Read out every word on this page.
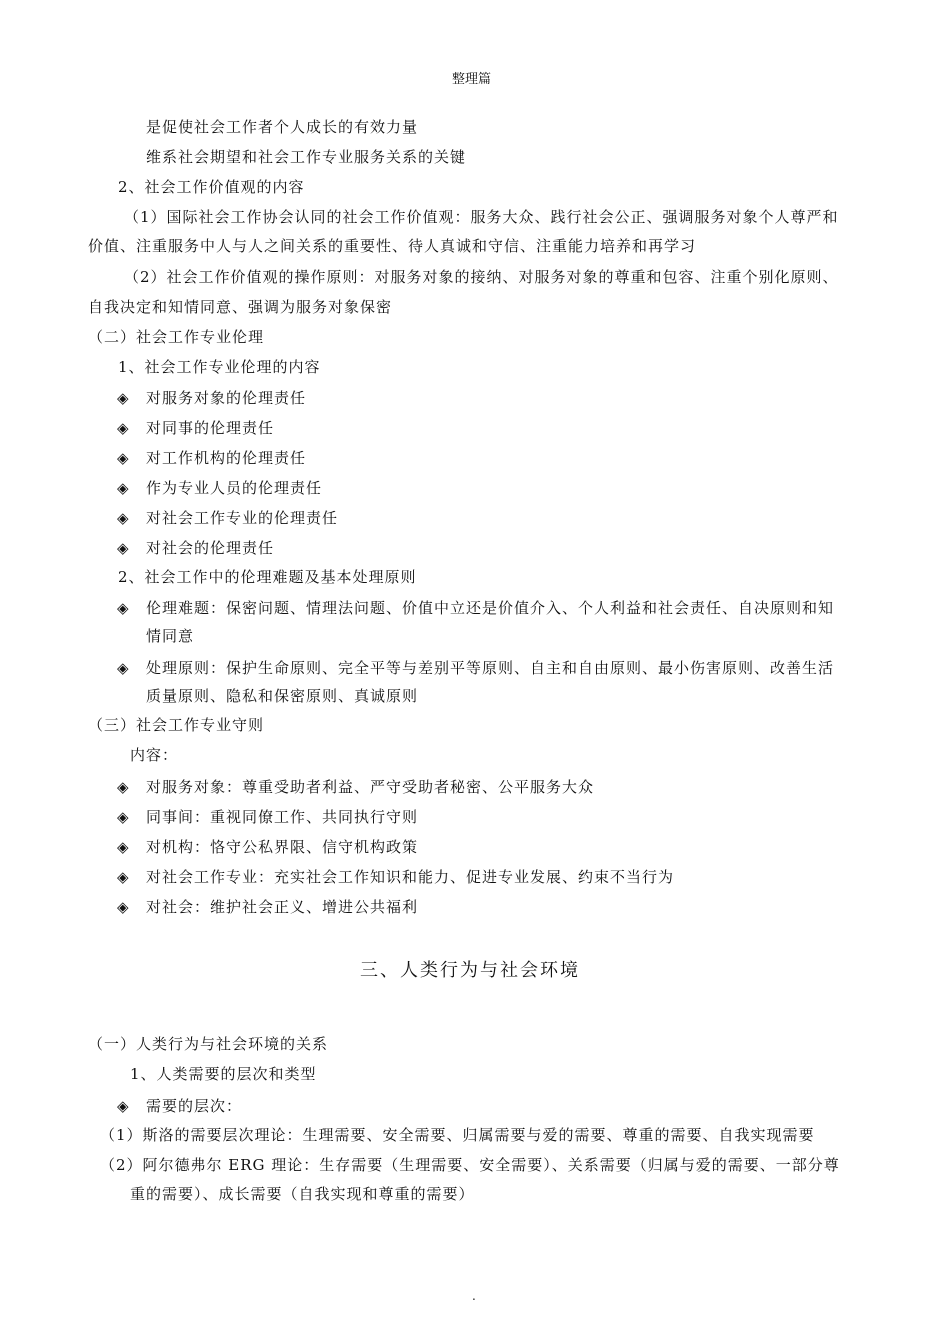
整理篇
是促使社会工作者个人成长的有效力量
维系社会期望和社会工作专业服务关系的关键
2、社会工作价值观的内容
（1）国际社会工作协会认同的社会工作价值观：服务大众、践行社会公正、强调服务对象个人尊严和
价值、注重服务中人与人之间关系的重要性、待人真诚和守信、注重能力培养和再学习
（2）社会工作价值观的操作原则：对服务对象的接纳、对服务对象的尊重和包容、注重个别化原则、
自我决定和知情同意、强调为服务对象保密
（二）社会工作专业伦理
1、社会工作专业伦理的内容
◈ 对服务对象的伦理责任
◈ 对同事的伦理责任
◈ 对工作机构的伦理责任
◈ 作为专业人员的伦理责任
◈ 对社会工作专业的伦理责任
◈ 对社会的伦理责任
2、社会工作中的伦理难题及基本处理原则
◈ 伦理难题：保密问题、情理法问题、价值中立还是价值介入、个人利益和社会责任、自决原则和知
情同意
◈ 处理原则：保护生命原则、完全平等与差别平等原则、自主和自由原则、最小伤害原则、改善生活
质量原则、隐私和保密原则、真诚原则
（三）社会工作专业守则
内容：
◈ 对服务对象：尊重受助者利益、严守受助者秘密、公平服务大众
◈ 同事间：重视同僚工作、共同执行守则
◈ 对机构：恪守公私界限、信守机构政策
◈ 对社会工作专业：充实社会工作知识和能力、促进专业发展、约束不当行为
◈ 对社会：维护社会正义、增进公共福利
三、人类行为与社会环境
（一）人类行为与社会环境的关系
1、人类需要的层次和类型
◈ 需要的层次：
（1）斯洛的需要层次理论：生理需要、安全需要、归属需要与爱的需要、尊重的需要、自我实现需要
（2）阿尔德弗尔 ERG 理论：生存需要（生理需要、安全需要）、关系需要（归属与爱的需要、一部分尊
重的需要）、成长需要（自我实现和尊重的需要）
.
